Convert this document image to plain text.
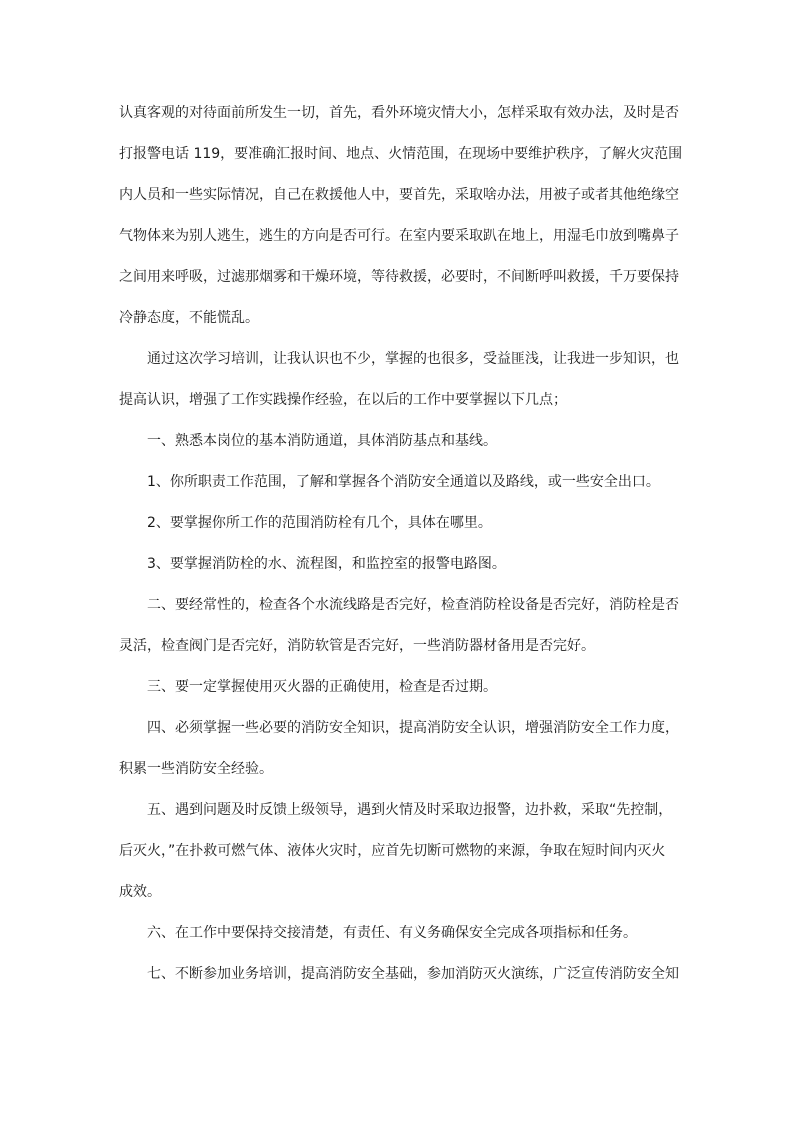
认真客观的对待面前所发生一切，首先，看外环境灾情大小，怎样采取有效办法，及时是否
打报警电话 119，要准确汇报时间、地点、火情范围，在现场中要维护秩序，了解火灾范围
内人员和一些实际情况，自己在救援他人中，要首先，采取啥办法，用被子或者其他绝缘空
气物体来为别人逃生，逃生的方向是否可行。在室内要采取趴在地上，用湿毛巾放到嘴鼻子
之间用来呼吸，过滤那烟雾和干燥环境，等待救援，必要时，不间断呼叫救援，千万要保持
冷静态度，不能慌乱。
通过这次学习培训，让我认识也不少，掌握的也很多，受益匪浅，让我进一步知识，也
提高认识，增强了工作实践操作经验，在以后的工作中要掌握以下几点；
一、熟悉本岗位的基本消防通道，具体消防基点和基线。
1、你所职责工作范围，了解和掌握各个消防安全通道以及路线，或一些安全出口。
2、要掌握你所工作的范围消防栓有几个，具体在哪里。
3、要掌握消防栓的水、流程图，和监控室的报警电路图。
二、要经常性的，检查各个水流线路是否完好，检查消防栓设备是否完好，消防栓是否
灵活，检查阀门是否完好，消防软管是否完好，一些消防器材备用是否完好。
三、要一定掌握使用灭火器的正确使用，检查是否过期。
四、必须掌握一些必要的消防安全知识，提高消防安全认识，增强消防安全工作力度，
积累一些消防安全经验。
五、遇到问题及时反馈上级领导，遇到火情及时采取边报警，边扑救，采取“先控制，
后灭火，”在扑救可燃气体、液体火灾时，应首先切断可燃物的来源，争取在短时间内灭火
成效。
六、在工作中要保持交接清楚，有责任、有义务确保安全完成各项指标和任务。
七、不断参加业务培训，提高消防安全基础，参加消防灭火演练，广泛宣传消防安全知
